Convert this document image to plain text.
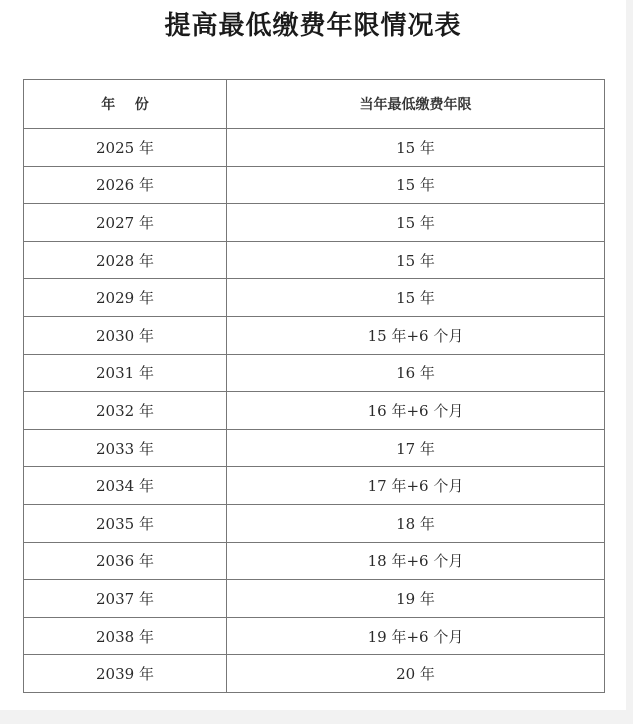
提高最低缴费年限情况表
年    份	当年最低缴费年限
2025 年	15 年
2026 年	15 年
2027 年	15 年
2028 年	15 年
2029 年	15 年
2030 年	15 年+6 个月
2031 年	16 年
2032 年	16 年+6 个月
2033 年	17 年
2034 年	17 年+6 个月
2035 年	18 年
2036 年	18 年+6 个月
2037 年	19 年
2038 年	19 年+6 个月
2039 年	20 年
